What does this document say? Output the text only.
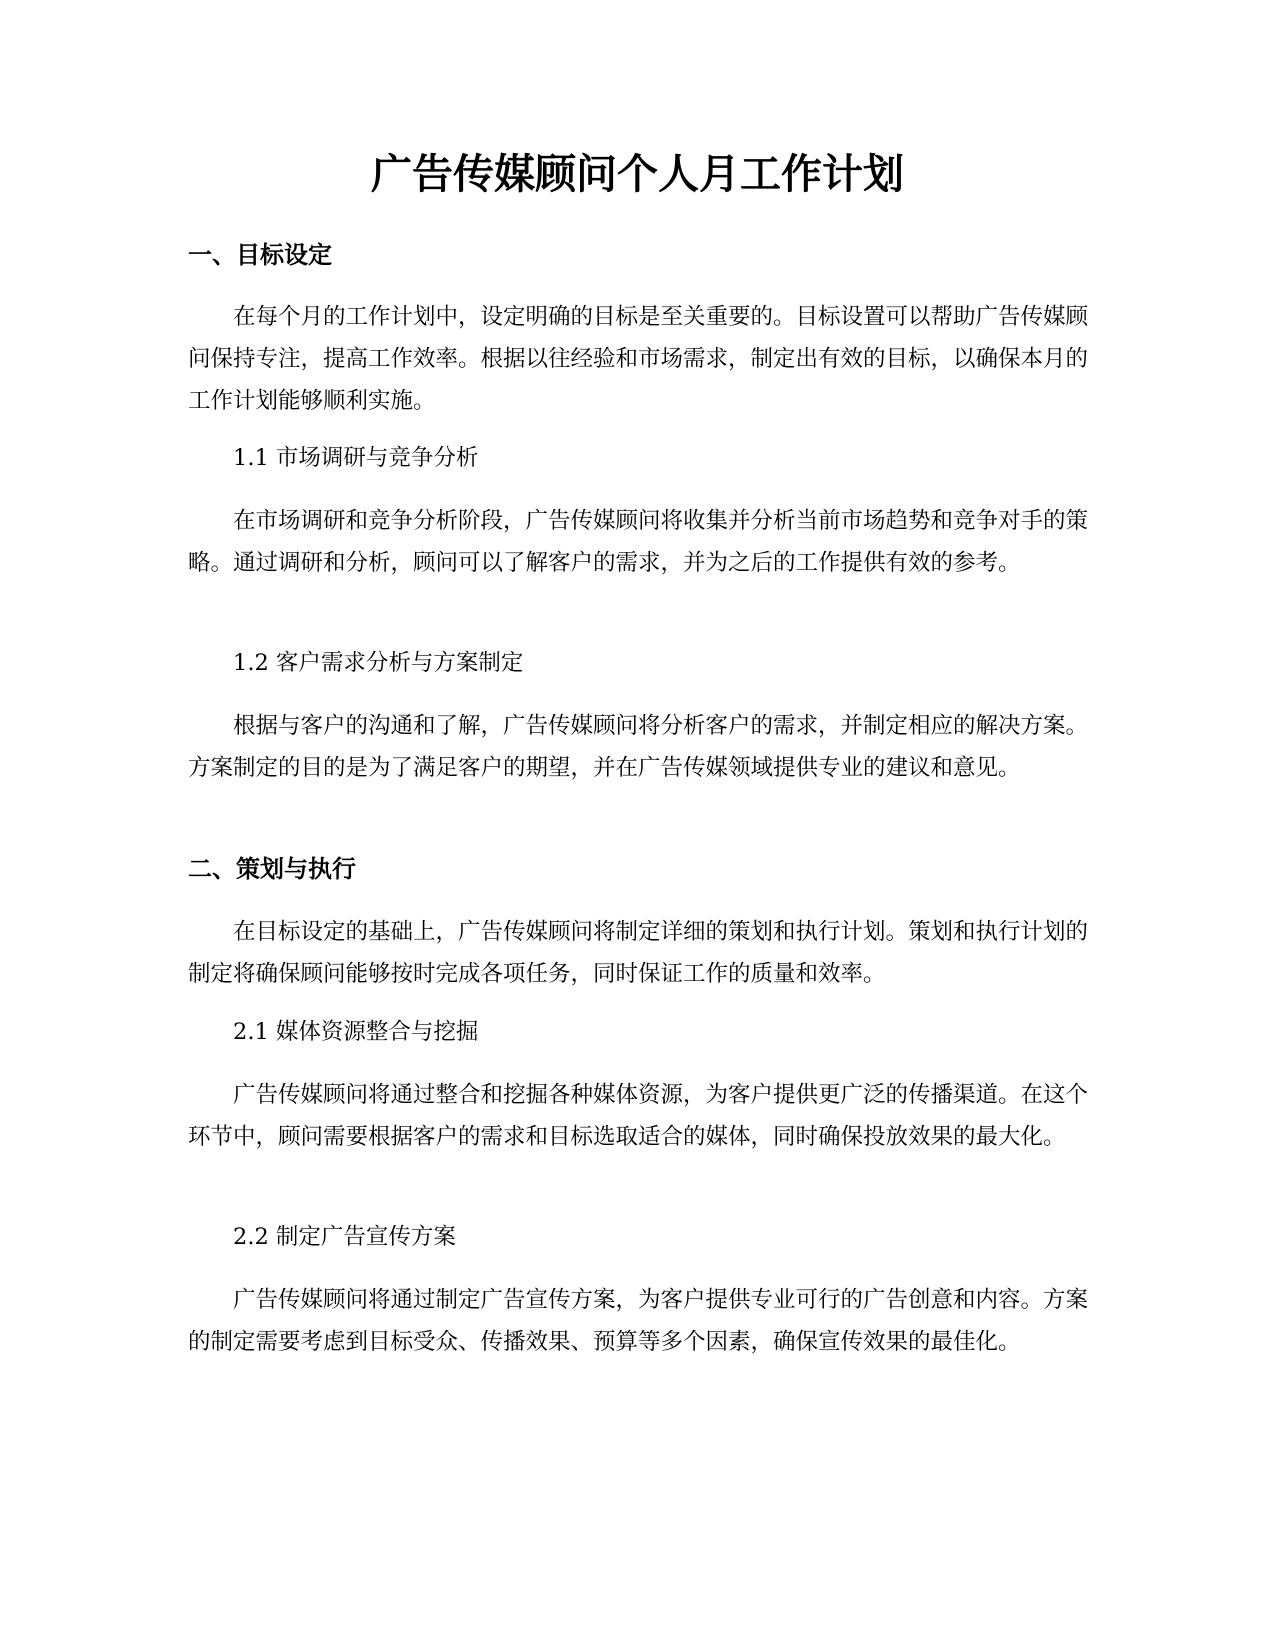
广告传媒顾问个人月工作计划
一、目标设定

在每个月的工作计划中，设定明确的目标是至关重要的。目标设置可以帮助广告传媒顾问保持专注，提高工作效率。根据以往经验和市场需求，制定出有效的目标，以确保本月的工作计划能够顺利实施。

1.1 市场调研与竞争分析

在市场调研和竞争分析阶段，广告传媒顾问将收集并分析当前市场趋势和竞争对手的策略。通过调研和分析，顾问可以了解客户的需求，并为之后的工作提供有效的参考。

1.2 客户需求分析与方案制定

根据与客户的沟通和了解，广告传媒顾问将分析客户的需求，并制定相应的解决方案。方案制定的目的是为了满足客户的期望，并在广告传媒领域提供专业的建议和意见。

二、策划与执行

在目标设定的基础上，广告传媒顾问将制定详细的策划和执行计划。策划和执行计划的制定将确保顾问能够按时完成各项任务，同时保证工作的质量和效率。

2.1 媒体资源整合与挖掘

广告传媒顾问将通过整合和挖掘各种媒体资源，为客户提供更广泛的传播渠道。在这个环节中，顾问需要根据客户的需求和目标选取适合的媒体，同时确保投放效果的最大化。

2.2 制定广告宣传方案

广告传媒顾问将通过制定广告宣传方案，为客户提供专业可行的广告创意和内容。方案的制定需要考虑到目标受众、传播效果、预算等多个因素，确保宣传效果的最佳化。
